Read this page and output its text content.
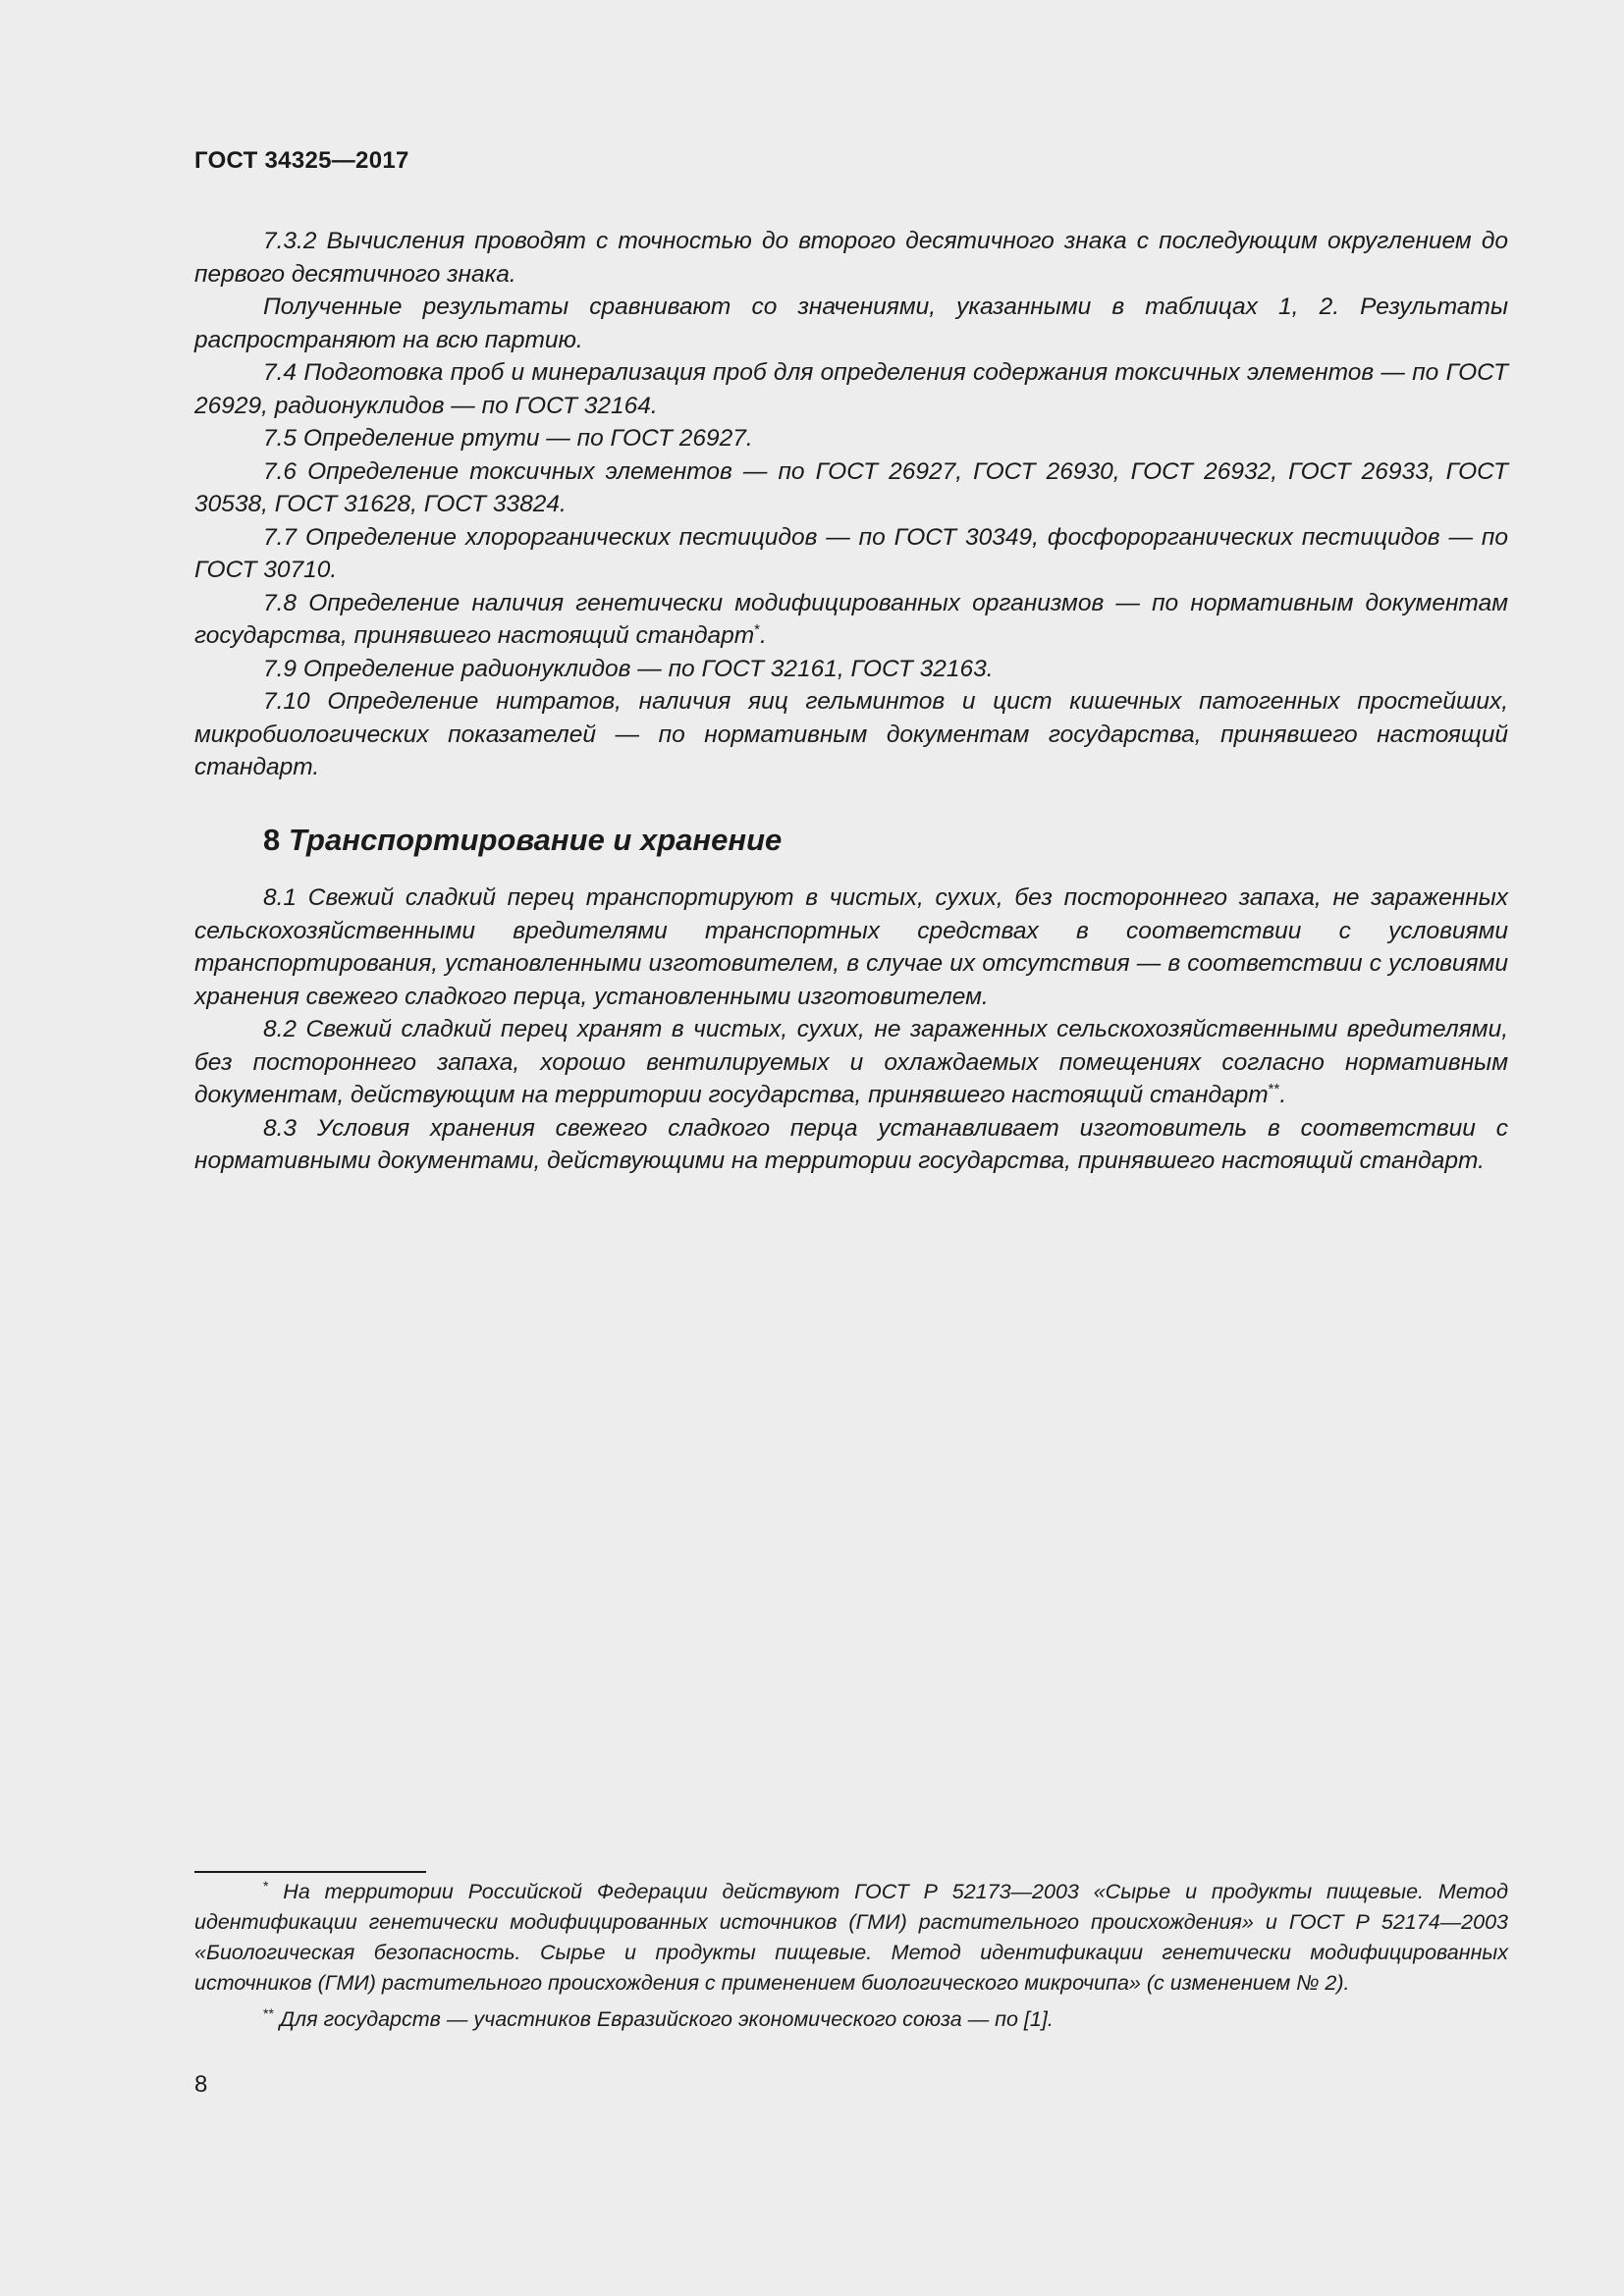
ГОСТ 34325—2017

7.3.2 Вычисления проводят с точностью до второго десятичного знака с последующим округлением до первого десятичного знака.

Полученные результаты сравнивают со значениями, указанными в таблицах 1, 2. Результаты распространяют на всю партию.

7.4 Подготовка проб и минерализация проб для определения содержания токсичных элементов — по ГОСТ 26929, радионуклидов — по ГОСТ 32164.

7.5 Определение ртути — по ГОСТ 26927.

7.6 Определение токсичных элементов — по ГОСТ 26927, ГОСТ 26930, ГОСТ 26932, ГОСТ 26933, ГОСТ 30538, ГОСТ 31628, ГОСТ 33824.

7.7 Определение хлорорганических пестицидов — по ГОСТ 30349, фосфорорганических пестицидов — по ГОСТ 30710.

7.8 Определение наличия генетически модифицированных организмов — по нормативным документам государства, принявшего настоящий стандарт*.

7.9 Определение радионуклидов — по ГОСТ 32161, ГОСТ 32163.

7.10 Определение нитратов, наличия яиц гельминтов и цист кишечных патогенных простейших, микробиологических показателей — по нормативным документам государства, принявшего настоящий стандарт.

8 Транспортирование и хранение

8.1 Свежий сладкий перец транспортируют в чистых, сухих, без постороннего запаха, не зараженных сельскохозяйственными вредителями транспортных средствах в соответствии с условиями транспортирования, установленными изготовителем, в случае их отсутствия — в соответствии с условиями хранения свежего сладкого перца, установленными изготовителем.

8.2 Свежий сладкий перец хранят в чистых, сухих, не зараженных сельскохозяйственными вредителями, без постороннего запаха, хорошо вентилируемых и охлаждаемых помещениях согласно нормативным документам, действующим на территории государства, принявшего настоящий стандарт**.

8.3 Условия хранения свежего сладкого перца устанавливает изготовитель в соответствии с нормативными документами, действующими на территории государства, принявшего настоящий стандарт.

* На территории Российской Федерации действуют ГОСТ Р 52173—2003 «Сырье и продукты пищевые. Метод идентификации генетически модифицированных источников (ГМИ) растительного происхождения» и ГОСТ Р 52174—2003 «Биологическая безопасность. Сырье и продукты пищевые. Метод идентификации генетически модифицированных источников (ГМИ) растительного происхождения с применением биологического микрочипа» (с изменением № 2).

** Для государств — участников Евразийского экономического союза — по [1].

8
